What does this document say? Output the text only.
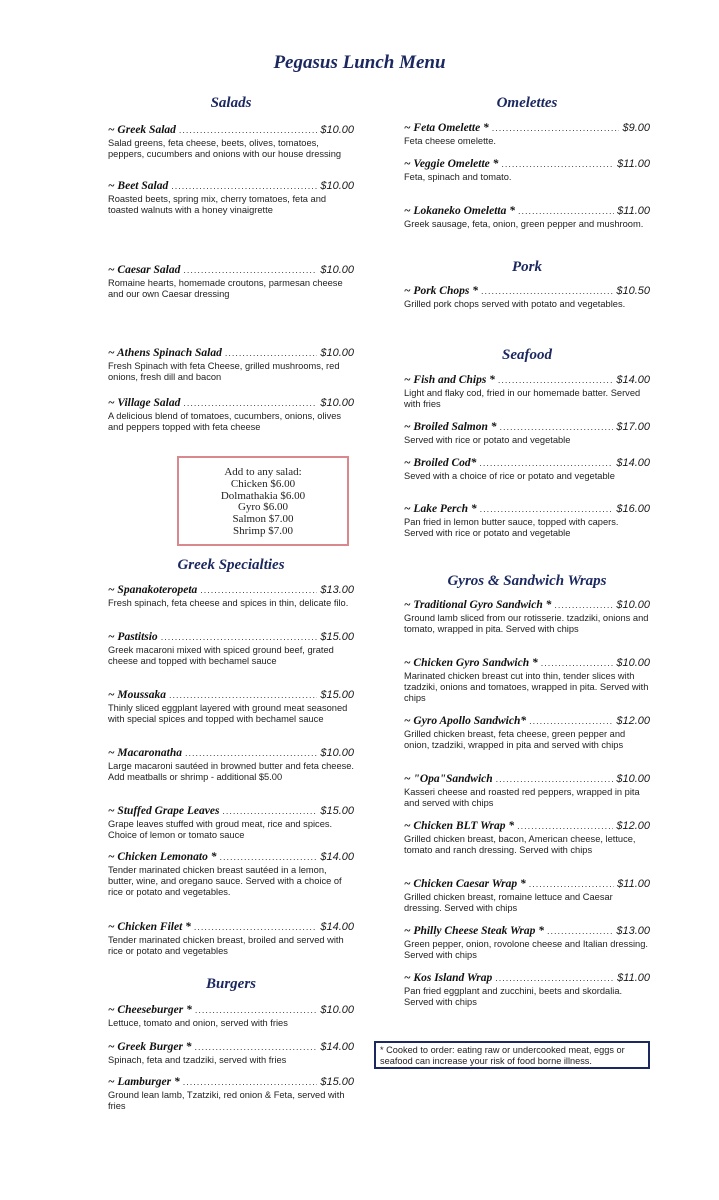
Pegasus Lunch Menu
Salads
~ Greek Salad .....	$10.00
Salad greens, feta cheese, beets, olives, tomatoes, peppers, cucumbers and onions with our house dressing
~ Beet Salad .....	$10.00
Roasted beets, spring mix, cherry tomatoes, feta and toasted walnuts with a honey vinaigrette
~ Caesar Salad .....	$10.00
Romaine hearts, homemade croutons, parmesan cheese and our own Caesar dressing
~ Athens Spinach Salad .....	$10.00
Fresh Spinach with feta Cheese, grilled mushrooms, red onions, fresh dill and bacon
~ Village Salad .....	$10.00
A delicious blend of tomatoes, cucumbers, onions, olives and peppers topped with feta cheese
Add to any salad:
Chicken $6.00
Dolmathakia $6.00
Gyro $6.00
Salmon $7.00
Shrimp $7.00
Greek Specialties
~ Spanakoteropeta .....	$13.00
Fresh spinach, feta cheese and spices in thin, delicate filo.
~ Pastitsio .....	$15.00
Greek macaroni mixed with spiced ground beef, grated cheese and topped with bechamel sauce
~ Moussaka .....	$15.00
Thinly sliced eggplant layered with ground meat seasoned with special spices and topped with bechamel sauce
~ Macaronatha .....	$10.00
Large macaroni sautéed in browned butter and feta cheese. Add meatballs or shrimp - additional $5.00
~ Stuffed Grape Leaves .....	$15.00
Grape leaves stuffed with groud meat, rice and spices. Choice of lemon or tomato sauce
~ Chicken Lemonato * .....	$14.00
Tender marinated chicken breast sautéed in a lemon, butter, wine, and oregano sauce. Served with a choice of rice or potato and vegetables.
~ Chicken Filet * .....	$14.00
Tender marinated chicken breast, broiled and served with rice or potato and vegetables
Burgers
~ Cheeseburger * .....	$10.00
Lettuce, tomato and onion, served with fries
~ Greek Burger * .....	$14.00
Spinach, feta and tzadziki, served with fries
~ Lamburger * .....	$15.00
Ground lean lamb, Tzatziki, red onion & Feta, served with fries
Omelettes
~ Feta Omelette * .....	$9.00
Feta cheese omelette.
~ Veggie Omelette * .....	$11.00
Feta, spinach and tomato.
~ Lokaneko Omeletta * .....	$11.00
Greek sausage, feta, onion, green pepper and mushroom.
Pork
~ Pork Chops * .....	$10.50
Grilled pork chops served with potato and vegetables.
Seafood
~ Fish and Chips * .....	$14.00
Light and flaky cod, fried in our homemade batter. Served with fries
~ Broiled Salmon * .....	$17.00
Served with rice or potato and vegetable
~ Broiled Cod* .....	$14.00
Seved with a choice of rice or potato and vegetable
~ Lake Perch * .....	$16.00
Pan fried in lemon butter sauce, topped with capers. Served with rice or potato and vegetable
Gyros & Sandwich Wraps
~ Traditional Gyro Sandwich * .....	$10.00
Ground lamb sliced from our rotisserie. tzadziki, onions and tomato, wrapped in pita. Served with chips
~ Chicken Gyro Sandwich * .....	$10.00
Marinated chicken breast cut into thin, tender slices with tzadziki, onions and tomatoes, wrapped in pita. Served with chips
~ Gyro Apollo Sandwich* .....	$12.00
Grilled chicken breast, feta cheese, green pepper and onion, tzadziki, wrapped in pita and served with chips
~ "Opa"Sandwich .....	$10.00
Kasseri cheese and roasted red peppers, wrapped in pita and served with chips
~ Chicken BLT Wrap * .....	$12.00
Grilled chicken breast, bacon, American cheese, lettuce, tomato and ranch dressing. Served with chips
~ Chicken Caesar Wrap * .....	$11.00
Grilled chicken breast, romaine lettuce and Caesar dressing. Served with chips
~ Philly Cheese Steak Wrap * .....	$13.00
Green pepper, onion, rovolone cheese and Italian dressing. Served with chips
~ Kos Island Wrap .....	$11.00
Pan fried eggplant and zucchini, beets and skordalia. Served with chips
* Cooked to order: eating raw or undercooked meat, eggs or seafood can increase your risk of food borne illness.
